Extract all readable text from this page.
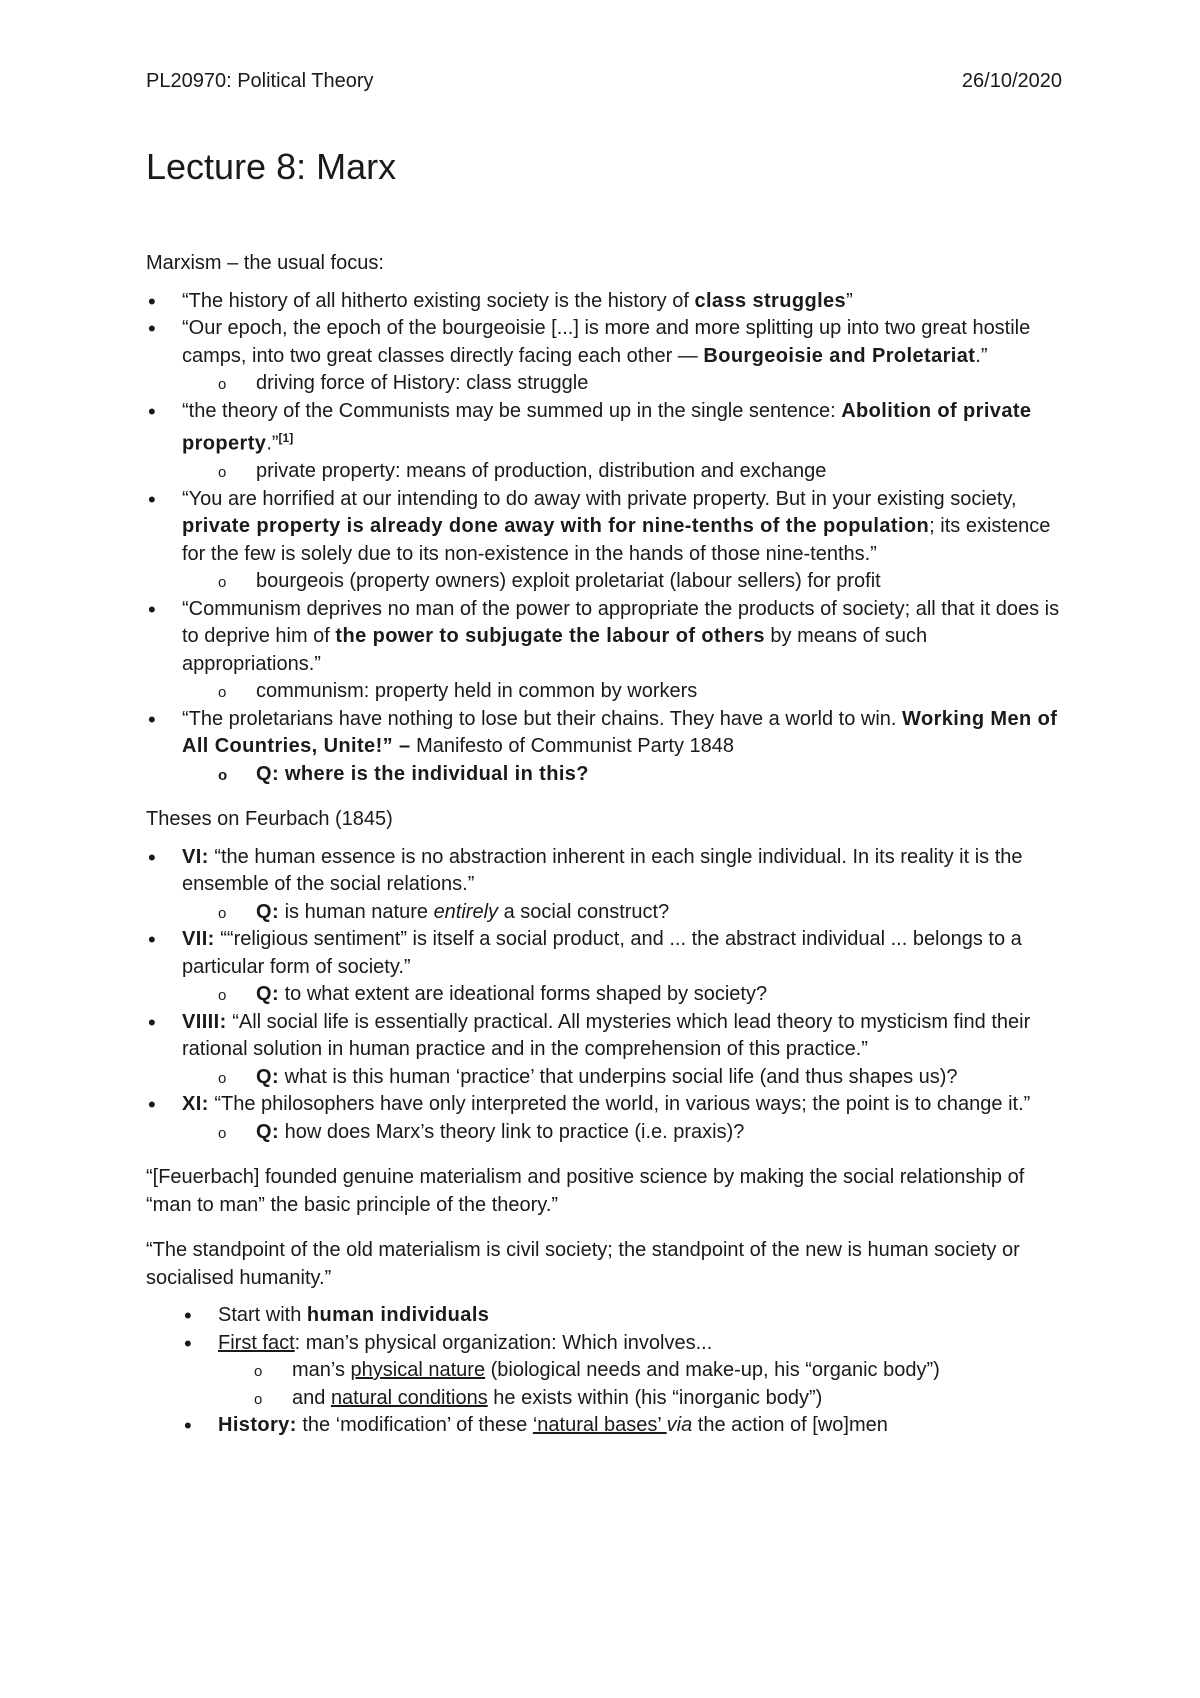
PL20970: Political Theory	26/10/2020
Lecture 8: Marx

Marxism – the usual focus:

• “The history of all hitherto existing society is the history of class struggles”
• “Our epoch, the epoch of the bourgeoisie [...] is more and more splitting up into two great hostile camps, into two great classes directly facing each other — Bourgeoisie and Proletariat.”
o driving force of History: class struggle
• “the theory of the Communists may be summed up in the single sentence: Abolition of private property.”[1]
o private property: means of production, distribution and exchange
• “You are horrified at our intending to do away with private property. But in your existing society, private property is already done away with for nine-tenths of the population; its existence for the few is solely due to its non-existence in the hands of those nine-tenths.”
o bourgeois (property owners) exploit proletariat (labour sellers) for profit
• “Communism deprives no man of the power to appropriate the products of society; all that it does is to deprive him of the power to subjugate the labour of others by means of such appropriations.”
o communism: property held in common by workers
• “The proletarians have nothing to lose but their chains. They have a world to win. Working Men of All Countries, Unite!” – Manifesto of Communist Party 1848
o Q: where is the individual in this?

Theses on Feurbach (1845)

• VI: “the human essence is no abstraction inherent in each single individual. In its reality it is the ensemble of the social relations.”
o Q: is human nature entirely a social construct?
• VII: ““religious sentiment” is itself a social product, and ... the abstract individual ... belongs to a particular form of society.”
o Q: to what extent are ideational forms shaped by society?
• VIIII: “All social life is essentially practical. All mysteries which lead theory to mysticism find their rational solution in human practice and in the comprehension of this practice.”
o Q: what is this human ‘practice’ that underpins social life (and thus shapes us)?
• XI: “The philosophers have only interpreted the world, in various ways; the point is to change it.”
o Q: how does Marx’s theory link to practice (i.e. praxis)?

“[Feuerbach] founded genuine materialism and positive science by making the social relationship of “man to man” the basic principle of the theory.”

“The standpoint of the old materialism is civil society; the standpoint of the new is human society or socialised humanity.”

• Start with human individuals
• First fact: man’s physical organization: Which involves...
o man’s physical nature (biological needs and make-up, his “organic body”)
o and natural conditions he exists within (his “inorganic body”)
• History: the ‘modification’ of these ‘natural bases’ via the action of [wo]men
